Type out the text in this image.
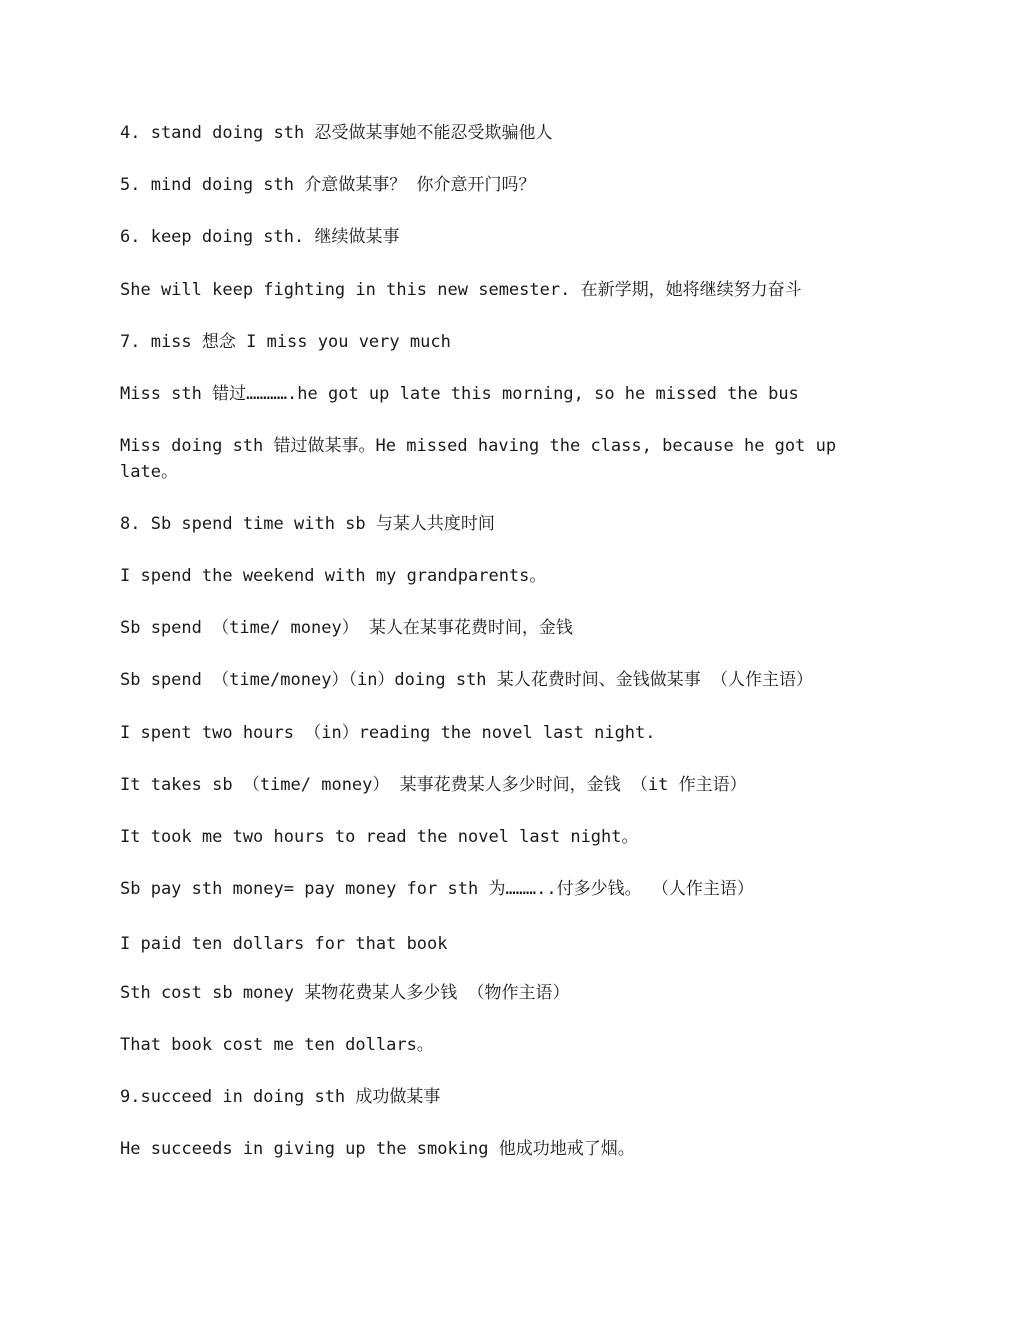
4. stand doing sth 忍受做某事她不能忍受欺骗他人

5. mind doing sth 介意做某事？ 你介意开门吗？

6. keep doing sth. 继续做某事

She will keep fighting in this new semester. 在新学期，她将继续努力奋斗

7. miss 想念 I miss you very much

Miss sth 错过………….he got up late this morning, so he missed the bus

Miss doing sth 错过做某事。He missed having the class, because he got up late。

8. Sb spend time with sb 与某人共度时间

I spend the weekend with my grandparents。

Sb spend （time/ money） 某人在某事花费时间，金钱

Sb spend （time/money）（in）doing sth 某人花费时间、金钱做某事 （人作主语）

I spent two hours （in）reading the novel last night.

It takes sb （time/ money） 某事花费某人多少时间，金钱 （it 作主语）

It took me two hours to read the novel last night。

Sb pay sth money= pay money for sth 为………..付多少钱。 （人作主语）

I paid ten dollars for that book

Sth cost sb money 某物花费某人多少钱 （物作主语）

That book cost me ten dollars。

9.succeed in doing sth 成功做某事

He succeeds in giving up the smoking 他成功地戒了烟。
